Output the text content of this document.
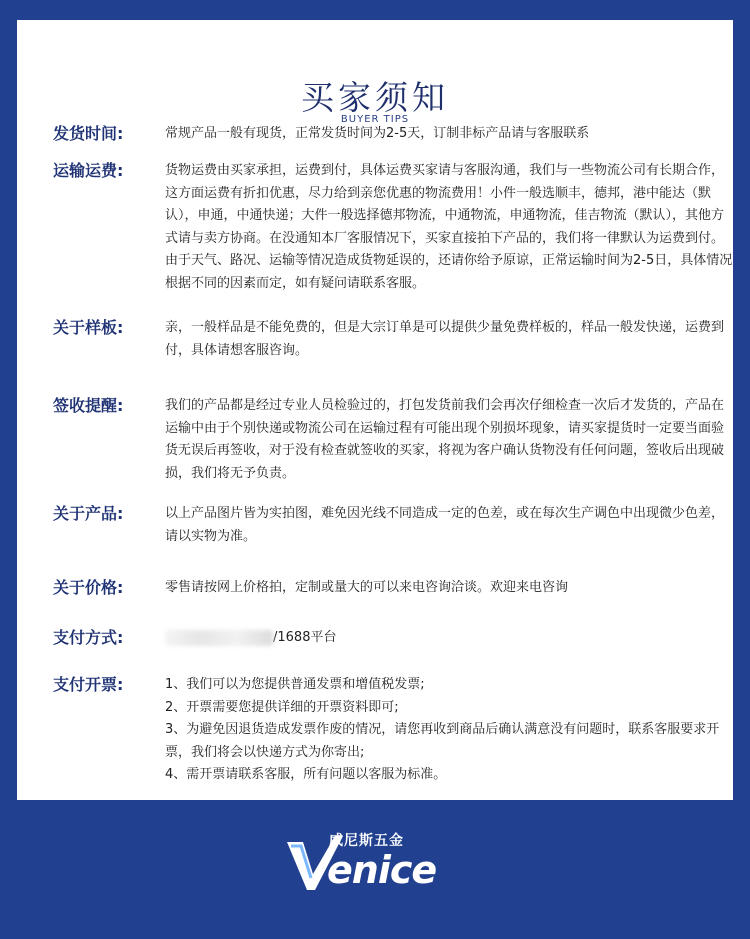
买家须知
BUYER TIPS
发货时间:	常规产品一般有现货，正常发货时间为2-5天，订制非标产品请与客服联系
运输运费:	货物运费由买家承担，运费到付，具体运费买家请与客服沟通，我们与一些物流公司有长期合作，这方面运费有折扣优惠，尽力给到亲您优惠的物流费用！小件一般选顺丰，德邦，港中能达（默认），申通，中通快递；大件一般选择德邦物流，中通物流，申通物流，佳吉物流（默认），其他方式请与卖方协商。在没通知本厂客服情况下，买家直接拍下产品的，我们将一律默认为运费到付。由于天气、路况、运输等情况造成货物延误的，还请你给予原谅，正常运输时间为2-5日，具体情况根据不同的因素而定，如有疑问请联系客服。
关于样板:	亲，一般样品是不能免费的，但是大宗订单是可以提供少量免费样板的，样品一般发快递，运费到付，具体请想客服咨询。
签收提醒:	我们的产品都是经过专业人员检验过的，打包发货前我们会再次仔细检查一次后才发货的，产品在运输中由于个别快递或物流公司在运输过程有可能出现个别损坏现象，请买家提货时一定要当面验货无误后再签收，对于没有检查就签收的买家，将视为客户确认货物没有任何问题，签收后出现破损，我们将无予负责。
关于产品:	以上产品图片皆为实拍图，难免因光线不同造成一定的色差，或在每次生产调色中出现微少色差，请以实物为准。
关于价格:	零售请按网上价格拍，定制或量大的可以来电咨询洽谈。欢迎来电咨询
支付方式:	/1688平台
支付开票:	1、我们可以为您提供普通发票和增值税发票;
2、开票需要您提供详细的开票资料即可;
3、为避免因退货造成发票作废的情况，请您再收到商品后确认满意没有问题时，联系客服要求开票，我们将会以快递方式为你寄出;
4、需开票请联系客服，所有问题以客服为标准。
威尼斯五金
enice
